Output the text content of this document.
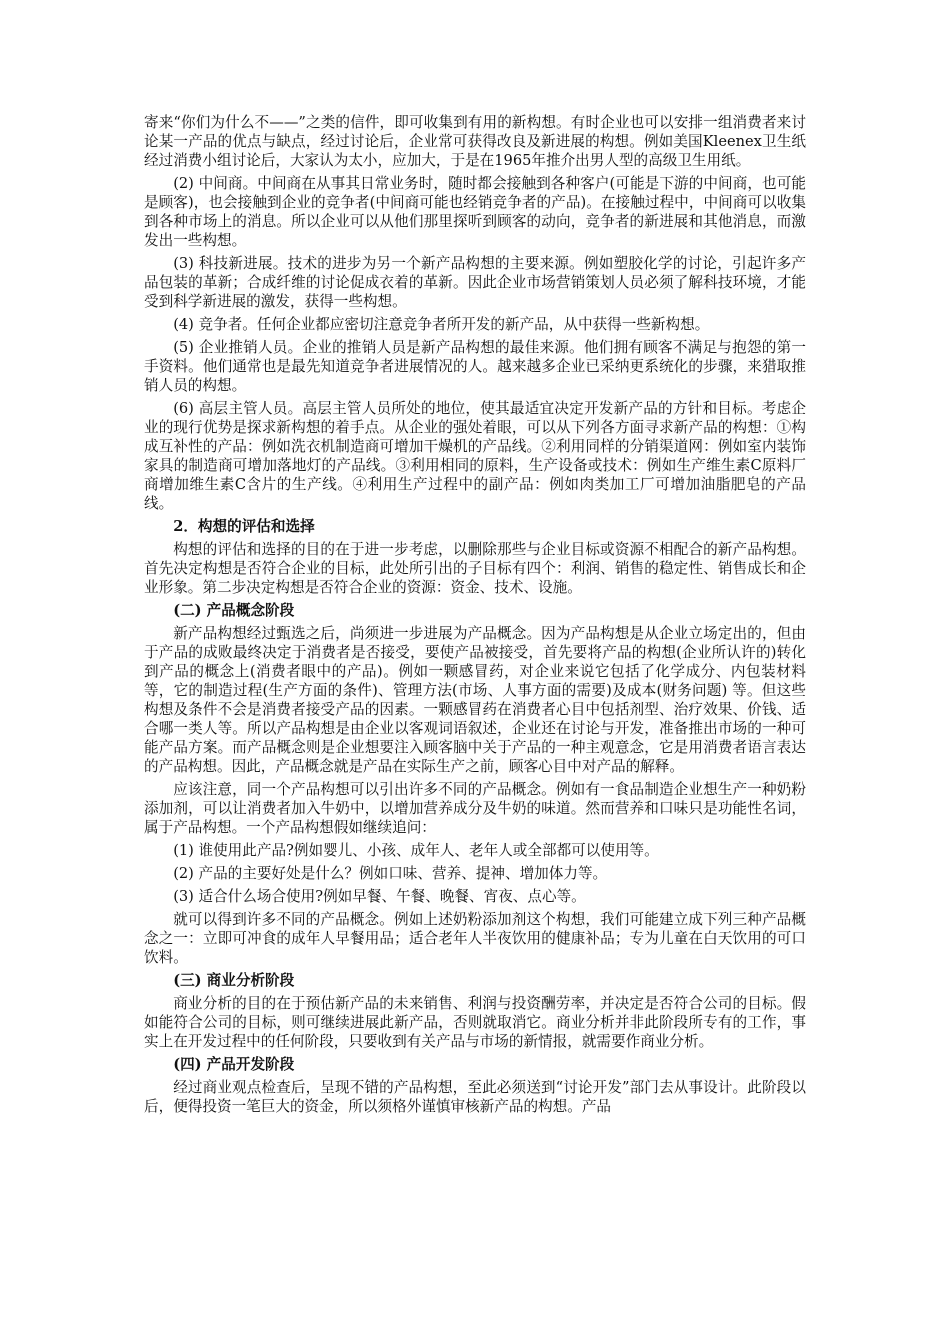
寄来“你们为什么不——”之类的信件，即可收集到有用的新构想。有时企业也可以安排一组消费者来讨论某一产品的优点与缺点，经过讨论后，企业常可获得改良及新进展的构想。例如美国Kleenex卫生纸经过消费小组讨论后，大家认为太小，应加大，于是在1965年推介出男人型的高级卫生用纸。

(2) 中间商。中间商在从事其日常业务时，随时都会接触到各种客户(可能是下游的中间商，也可能是顾客)，也会接触到企业的竞争者(中间商可能也经销竞争者的产品)。在接触过程中，中间商可以收集到各种市场上的消息。所以企业可以从他们那里探听到顾客的动向，竞争者的新进展和其他消息，而激发出一些构想。

(3) 科技新进展。技术的进步为另一个新产品构想的主要来源。例如塑胶化学的讨论，引起许多产品包装的革新；合成纤维的讨论促成衣着的革新。因此企业市场营销策划人员必须了解科技环境，才能受到科学新进展的激发，获得一些构想。

(4) 竞争者。任何企业都应密切注意竞争者所开发的新产品，从中获得一些新构想。

(5) 企业推销人员。企业的推销人员是新产品构想的最佳来源。他们拥有顾客不满足与抱怨的第一手资料。他们通常也是最先知道竞争者进展情况的人。越来越多企业已采纳更系统化的步骤，来猎取推销人员的构想。

(6) 高层主管人员。高层主管人员所处的地位，使其最适宜决定开发新产品的方针和目标。考虑企业的现行优势是探求新构想的着手点。从企业的强处着眼，可以从下列各方面寻求新产品的构想：①构成互补性的产品：例如洗衣机制造商可增加干燥机的产品线。②利用同样的分销渠道网：例如室内装饰家具的制造商可增加落地灯的产品线。③利用相同的原料，生产设备或技术：例如生产维生素C原料厂商增加维生素C含片的生产线。④利用生产过程中的副产品：例如肉类加工厂可增加油脂肥皂的产品线。

2．构想的评估和选择

构想的评估和选择的目的在于进一步考虑，以删除那些与企业目标或资源不相配合的新产品构想。首先决定构想是否符合企业的目标，此处所引出的子目标有四个：利润、销售的稳定性、销售成长和企业形象。第二步决定构想是否符合企业的资源：资金、技术、设施。

(二) 产品概念阶段

新产品构想经过甄选之后，尚须进一步进展为产品概念。因为产品构想是从企业立场定出的，但由于产品的成败最终决定于消费者是否接受，要使产品被接受，首先要将产品的构想(企业所认许的)转化到产品的概念上(消费者眼中的产品)。例如一颗感冒药，对企业来说它包括了化学成分、内包装材料等，它的制造过程(生产方面的条件)、管理方法(市场、人事方面的需要)及成本(财务问题) 等。但这些构想及条件不会是消费者接受产品的因素。一颗感冒药在消费者心目中包括剂型、治疗效果、价钱、适合哪一类人等。所以产品构想是由企业以客观词语叙述，企业还在讨论与开发，准备推出市场的一种可能产品方案。而产品概念则是企业想要注入顾客脑中关于产品的一种主观意念，它是用消费者语言表达的产品构想。因此，产品概念就是产品在实际生产之前，顾客心目中对产品的解释。

应该注意，同一个产品构想可以引出许多不同的产品概念。例如有一食品制造企业想生产一种奶粉添加剂，可以让消费者加入牛奶中，以增加营养成分及牛奶的味道。然而营养和口味只是功能性名词，属于产品构想。一个产品构想假如继续追问：

(1) 谁使用此产品?例如婴儿、小孩、成年人、老年人或全部都可以使用等。

(2) 产品的主要好处是什么？例如口味、营养、提神、增加体力等。

(3) 适合什么场合使用?例如早餐、午餐、晚餐、宵夜、点心等。

就可以得到许多不同的产品概念。例如上述奶粉添加剂这个构想，我们可能建立成下列三种产品概念之一：立即可冲食的成年人早餐用品；适合老年人半夜饮用的健康补品；专为儿童在白天饮用的可口饮料。

(三) 商业分析阶段

商业分析的目的在于预估新产品的未来销售、利润与投资酬劳率，并决定是否符合公司的目标。假如能符合公司的目标，则可继续进展此新产品，否则就取消它。商业分析并非此阶段所专有的工作，事实上在开发过程中的任何阶段，只要收到有关产品与市场的新情报，就需要作商业分析。

(四) 产品开发阶段

经过商业观点检查后，呈现不错的产品构想，至此必须送到“讨论开发”部门去从事设计。此阶段以后，便得投资一笔巨大的资金，所以须格外谨慎审核新产品的构想。产品
